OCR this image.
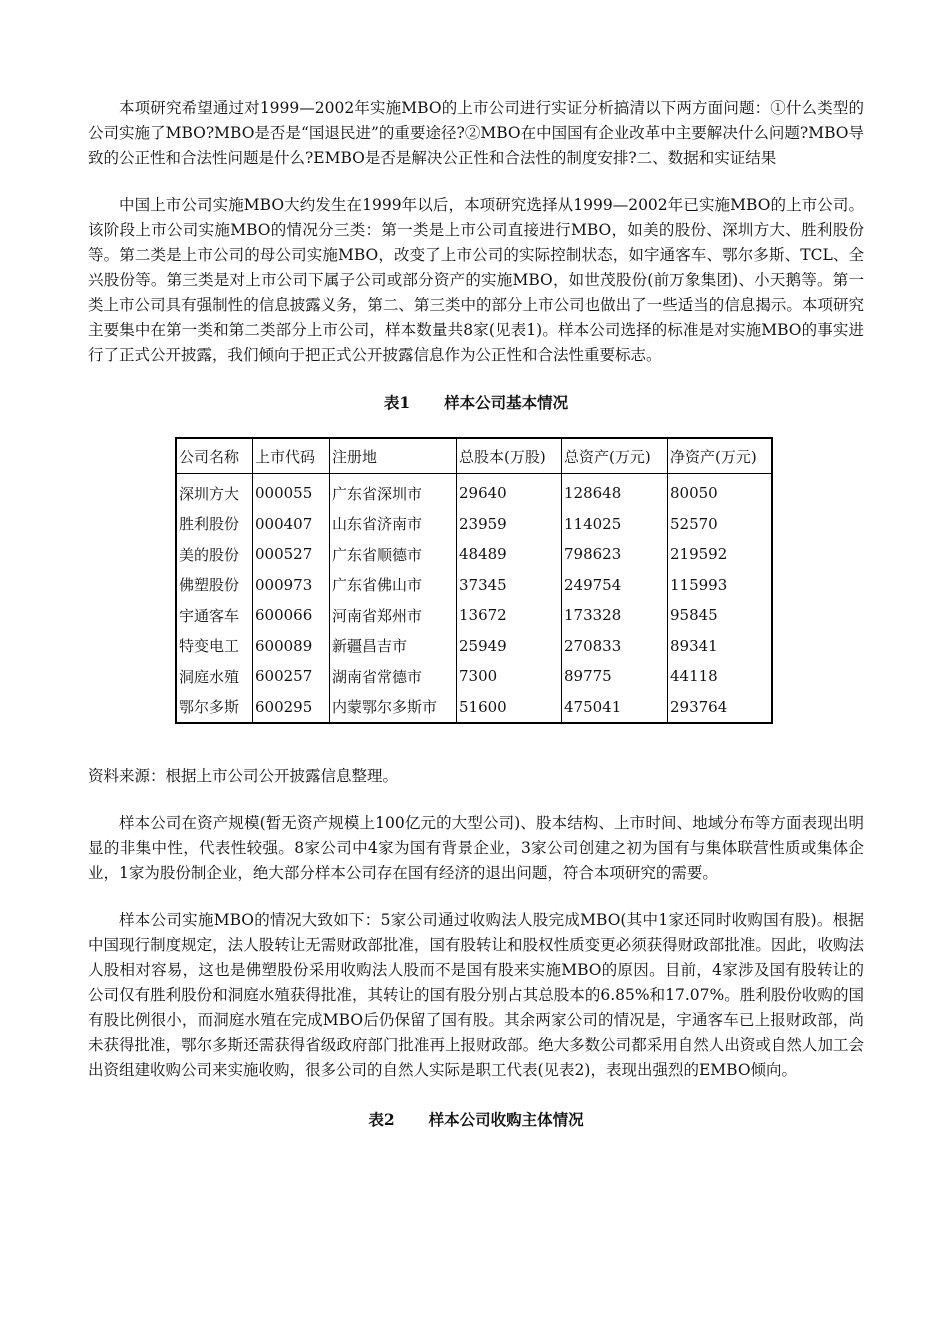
本项研究希望通过对1999—2002年实施MBO的上市公司进行实证分析搞清以下两方面问题：①什么类型的公司实施了MBO?MBO是否是“国退民进”的重要途径?②MBO在中国国有企业改革中主要解决什么问题?MBO导致的公正性和合法性问题是什么?EMBO是否是解决公正性和合法性的制度安排?二、数据和实证结果

中国上市公司实施MBO大约发生在1999年以后，本项研究选择从1999—2002年已实施MBO的上市公司。该阶段上市公司实施MBO的情况分三类：第一类是上市公司直接进行MBO，如美的股份、深圳方大、胜利股份等。第二类是上市公司的母公司实施MBO，改变了上市公司的实际控制状态，如宇通客车、鄂尔多斯、TCL、全兴股份等。第三类是对上市公司下属子公司或部分资产的实施MBO，如世茂股份(前万象集团)、小天鹅等。第一类上市公司具有强制性的信息披露义务，第二、第三类中的部分上市公司也做出了一些适当的信息揭示。本项研究主要集中在第一类和第二类部分上市公司，样本数量共8家(见表1)。样本公司选择的标准是对实施MBO的事实进行了正式公开披露，我们倾向于把正式公开披露信息作为公正性和合法性重要标志。

表1 样本公司基本情况
公司名称	上市代码	注册地	总股本(万股)	总资产(万元)	净资产(万元)
深圳方大	000055	广东省深圳市	29640	128648	80050
胜利股份	000407	山东省济南市	23959	114025	52570
美的股份	000527	广东省顺德市	48489	798623	219592
佛塑股份	000973	广东省佛山市	37345	249754	115993
宇通客车	600066	河南省郑州市	13672	173328	95845
特变电工	600089	新疆昌吉市	25949	270833	89341
洞庭水殖	600257	湖南省常德市	7300	89775	44118
鄂尔多斯	600295	内蒙鄂尔多斯市	51600	475041	293764

资料来源：根据上市公司公开披露信息整理。

样本公司在资产规模(暂无资产规模上100亿元的大型公司)、股本结构、上市时间、地域分布等方面表现出明显的非集中性，代表性较强。8家公司中4家为国有背景企业，3家公司创建之初为国有与集体联营性质或集体企业，1家为股份制企业，绝大部分样本公司存在国有经济的退出问题，符合本项研究的需要。

样本公司实施MBO的情况大致如下：5家公司通过收购法人股完成MBO(其中1家还同时收购国有股)。根据中国现行制度规定，法人股转让无需财政部批准，国有股转让和股权性质变更必须获得财政部批准。因此，收购法人股相对容易，这也是佛塑股份采用收购法人股而不是国有股来实施MBO的原因。目前，4家涉及国有股转让的公司仅有胜利股份和洞庭水殖获得批准，其转让的国有股分别占其总股本的6.85%和17.07%。胜利股份收购的国有股比例很小，而洞庭水殖在完成MBO后仍保留了国有股。其余两家公司的情况是，宇通客车已上报财政部，尚未获得批准，鄂尔多斯还需获得省级政府部门批准再上报财政部。绝大多数公司都采用自然人出资或自然人加工会出资组建收购公司来实施收购，很多公司的自然人实际是职工代表(见表2)，表现出强烈的EMBO倾向。

表2 样本公司收购主体情况
